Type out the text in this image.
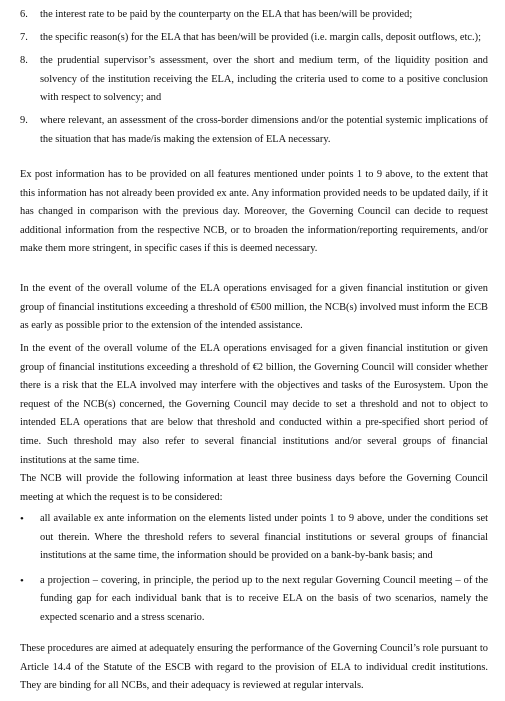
6. the interest rate to be paid by the counterparty on the ELA that has been/will be provided;
7. the specific reason(s) for the ELA that has been/will be provided (i.e. margin calls, deposit outflows, etc.);
8. the prudential supervisor’s assessment, over the short and medium term, of the liquidity position and solvency of the institution receiving the ELA, including the criteria used to come to a positive conclusion with respect to solvency; and
9. where relevant, an assessment of the cross-border dimensions and/or the potential systemic implications of the situation that has made/is making the extension of ELA necessary.
Ex post information has to be provided on all features mentioned under points 1 to 9 above, to the extent that this information has not already been provided ex ante. Any information provided needs to be updated daily, if it has changed in comparison with the previous day. Moreover, the Governing Council can decide to request additional information from the respective NCB, or to broaden the information/reporting requirements, and/or make them more stringent, in specific cases if this is deemed necessary.
In the event of the overall volume of the ELA operations envisaged for a given financial institution or given group of financial institutions exceeding a threshold of €500 million, the NCB(s) involved must inform the ECB as early as possible prior to the extension of the intended assistance.
In the event of the overall volume of the ELA operations envisaged for a given financial institution or given group of financial institutions exceeding a threshold of €2 billion, the Governing Council will consider whether there is a risk that the ELA involved may interfere with the objectives and tasks of the Eurosystem. Upon the request of the NCB(s) concerned, the Governing Council may decide to set a threshold and not to object to intended ELA operations that are below that threshold and conducted within a pre-specified short period of time. Such threshold may also refer to several financial institutions and/or several groups of financial institutions at the same time.
The NCB will provide the following information at least three business days before the Governing Council meeting at which the request is to be considered:
• all available ex ante information on the elements listed under points 1 to 9 above, under the conditions set out therein. Where the threshold refers to several financial institutions or several groups of financial institutions at the same time, the information should be provided on a bank-by-bank basis; and
• a projection – covering, in principle, the period up to the next regular Governing Council meeting – of the funding gap for each individual bank that is to receive ELA on the basis of two scenarios, namely the expected scenario and a stress scenario.
These procedures are aimed at adequately ensuring the performance of the Governing Council’s role pursuant to Article 14.4 of the Statute of the ESCB with regard to the provision of ELA to individual credit institutions. They are binding for all NCBs, and their adequacy is reviewed at regular intervals.
